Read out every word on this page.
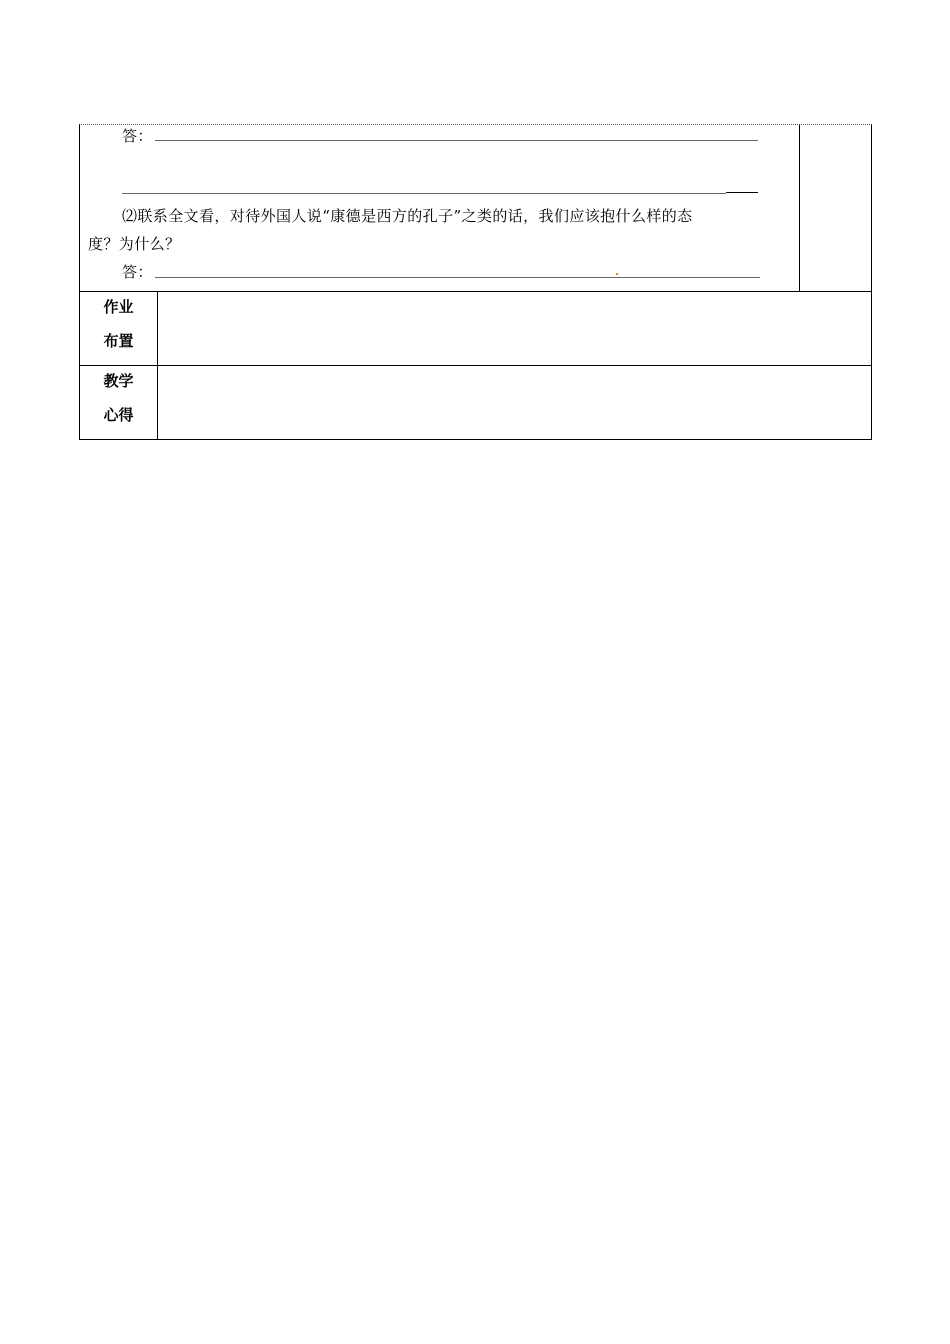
答：
⑵联系全文看，对待外国人说“康德是西方的孔子”之类的话，我们应该抱什么样的态
度？为什么？
答：
作业
布置
教学
心得
